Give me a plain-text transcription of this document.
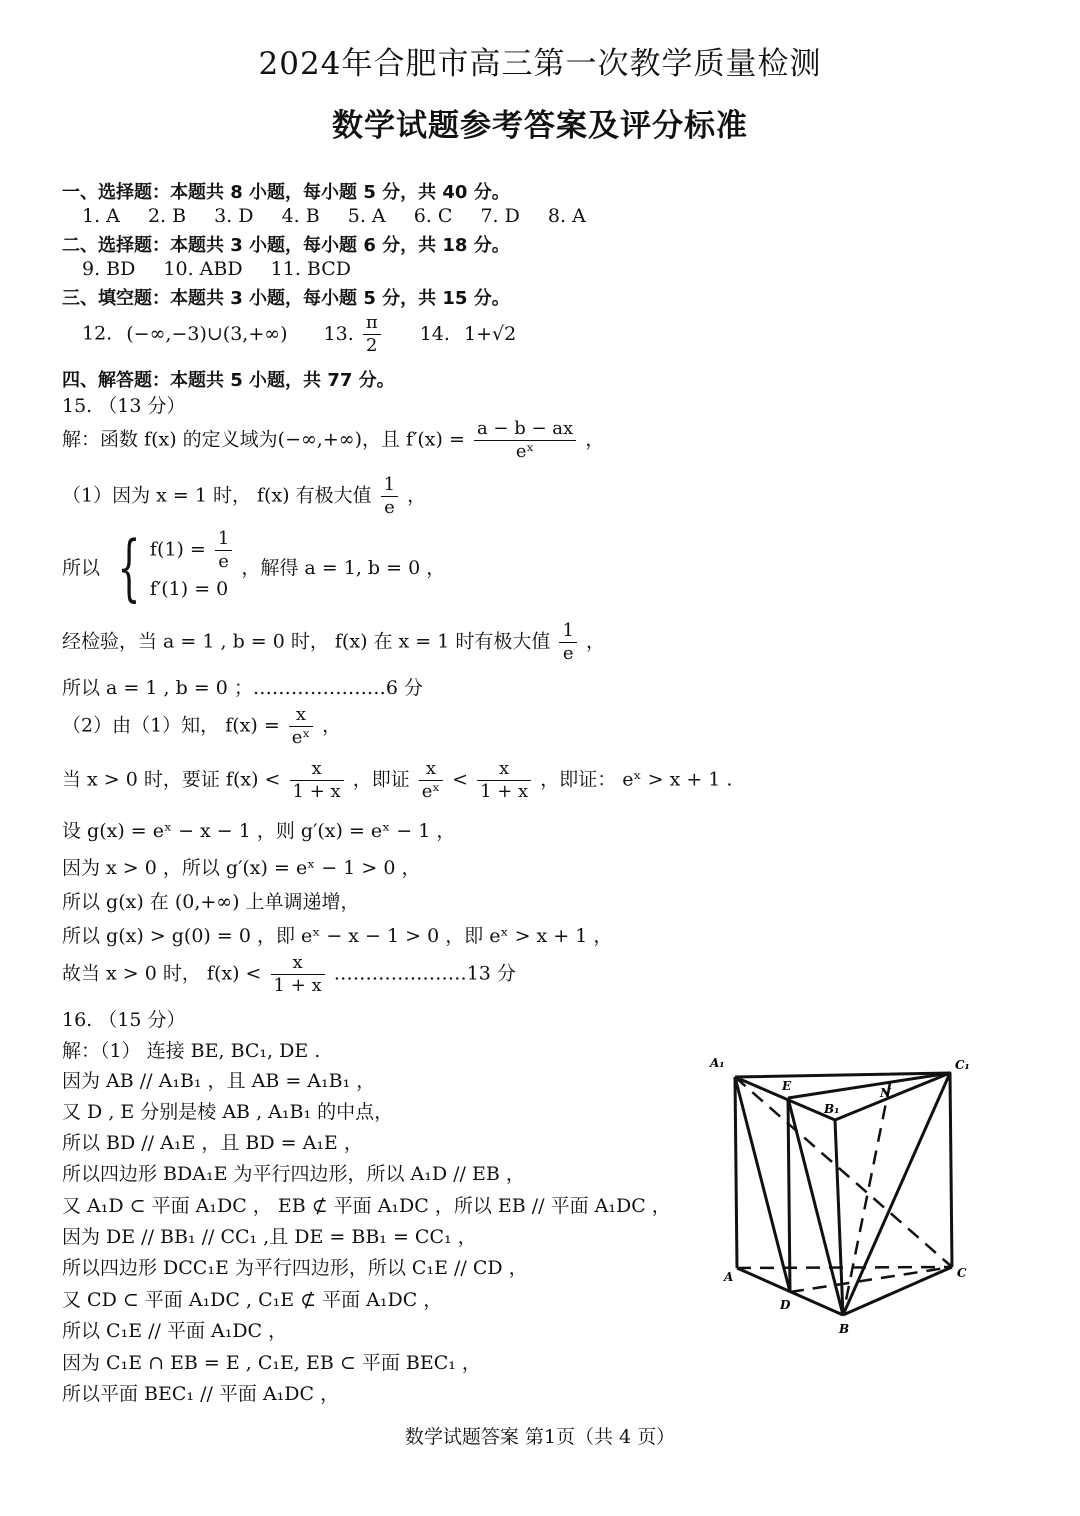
2024年合肥市高三第一次教学质量检测
数学试题参考答案及评分标准
一、选择题：本题共 8 小题，每小题 5 分，共 40 分。
1. A 2. B 3. D 4. B 5. A 6. C 7. D 8. A
二、选择题：本题共 3 小题，每小题 6 分，共 18 分。
9. BD 10. ABD 11. BCD
三、填空题：本题共 3 小题，每小题 5 分，共 15 分。
12. (−∞,−3)∪(3,+∞) 13. $\frac{\pi}{2} 14$. 1+√2
四、解答题：本题共 5 小题，共 77 分。
15. （13 分）
解：函数 f(x) 的定义域为(−∞,+∞)，且 $f'(x) = \frac{a - b - ax}{\text{eˣ}}$ ，
（1）因为 x = 1 时， f(x) 有极大值 $\frac{1}{e}$ ，
所以 { $f(1) = \frac{1}{e}$
f′(1) = 0
，解得 a = 1, b = 0 ，
经检验，当 a = 1 , b = 0 时， f(x) 在 x = 1 时有极大值 $\frac{1}{e}$ ，
所以 a = 1 , b = 0 ；…………………6 分
（2）由（1）知， $f(x) = \frac{x}{\text{eˣ}}$ ，
当 x > 0 时，要证 $f(x) < \frac{x}{1 + x}$ ，即证 $\frac{x}{\text{eˣ}} < \frac{x}{1 + x}$ ，即证： eˣ > x + 1 .
设 g(x) = eˣ − x − 1 ，则 g′(x) = eˣ − 1 ，
因为 x > 0 ，所以 g′(x) = eˣ − 1 > 0 ，
所以 g(x) 在 (0,+∞) 上单调递增，
所以 g(x) > g(0) = 0 ，即 eˣ − x − 1 > 0 ，即 eˣ > x + 1 ，
故当 x > 0 时， $f(x) < \frac{x}{1 + x}$ …………………13 分
16. （15 分）
解：（1） 连接 BE, BC₁, DE .
因为 AB // A₁B₁ ，且 AB = A₁B₁ ，
又 D , E 分别是棱 AB , A₁B₁ 的中点，
所以 BD // A₁E ，且 BD = A₁E ，
所以四边形 BDA₁E 为平行四边形，所以 A₁D // EB ，
又 A₁D ⊂ 平面 A₁DC ， EB ⊄ 平面 A₁DC ，所以 EB // 平面 A₁DC ，
因为 DE // BB₁ // CC₁ ,且 DE = BB₁ = CC₁ ，
所以四边形 DCC₁E 为平行四边形，所以 C₁E // CD ，
又 CD ⊂ 平面 A₁DC , C₁E ⊄ 平面 A₁DC ，
所以 C₁E // 平面 A₁DC ，
因为 C₁E ∩ EB = E , C₁E, EB ⊂ 平面 BEC₁ ，
所以平面 BEC₁ // 平面 A₁DC ，
A₁	C₁
E	N
B₁
A	C
D
B
数学试题答案 第1页（共 4 页）
